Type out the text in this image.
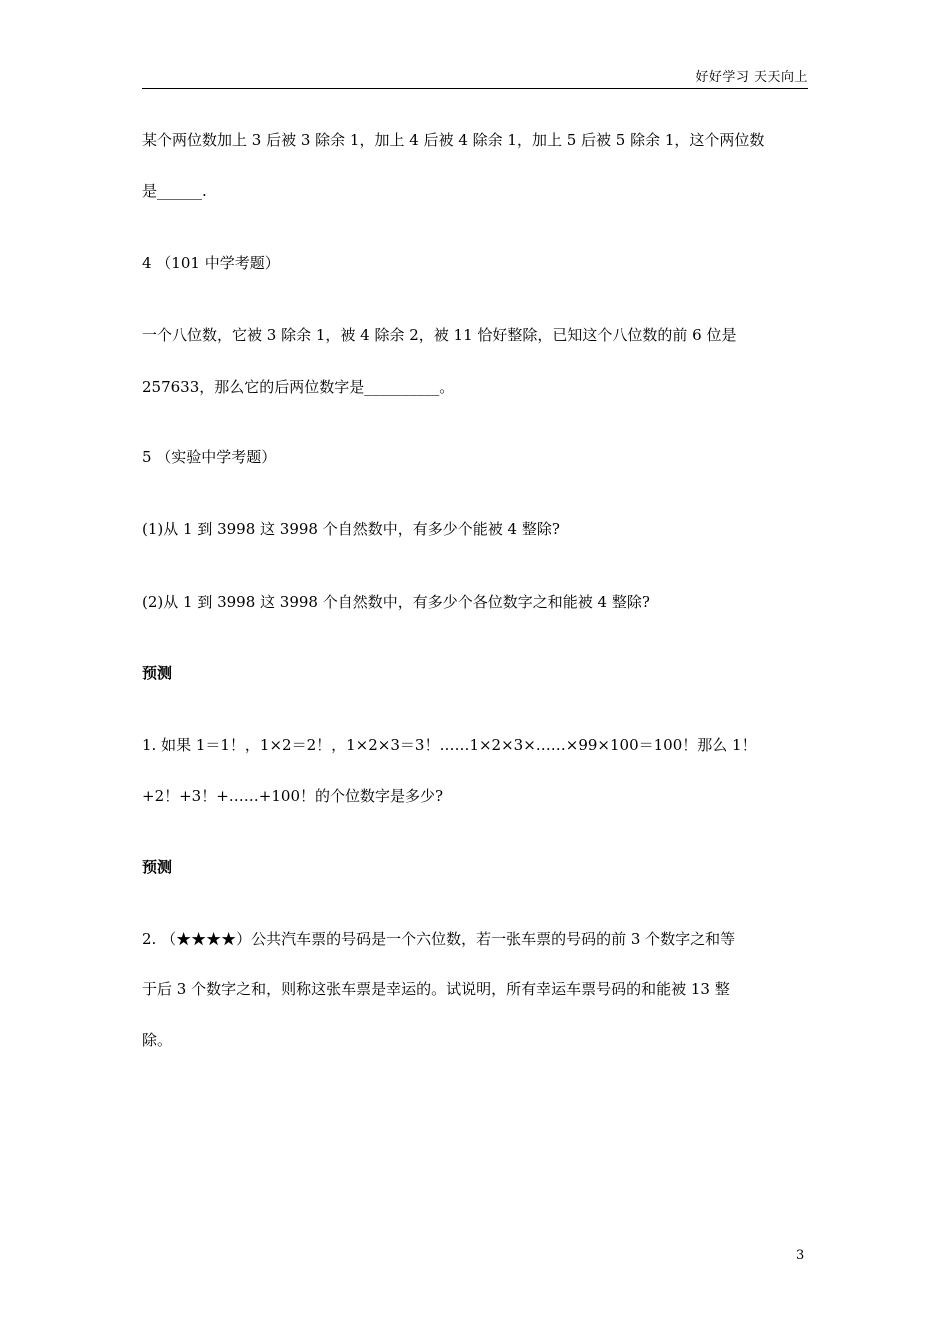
好好学习 天天向上
某个两位数加上 3 后被 3 除余 1，加上 4 后被 4 除余 1，加上 5 后被 5 除余 1，这个两位数
是______.
4 （101 中学考题）
一个八位数，它被 3 除余 1，被 4 除余 2，被 11 恰好整除，已知这个八位数的前 6 位是
257633，那么它的后两位数字是__________。
5 （实验中学考题）
(1)从 1 到 3998 这 3998 个自然数中，有多少个能被 4 整除?
(2)从 1 到 3998 这 3998 个自然数中，有多少个各位数字之和能被 4 整除?
预测
1. 如果 1＝1！，1×2＝2！，1×2×3＝3！……1×2×3×……×99×100＝100！那么 1！
+2！+3！+……+100！的个位数字是多少?
预测
2. （★★★★）公共汽车票的号码是一个六位数，若一张车票的号码的前 3 个数字之和等
于后 3 个数字之和，则称这张车票是幸运的。试说明，所有幸运车票号码的和能被 13 整
除。
3
